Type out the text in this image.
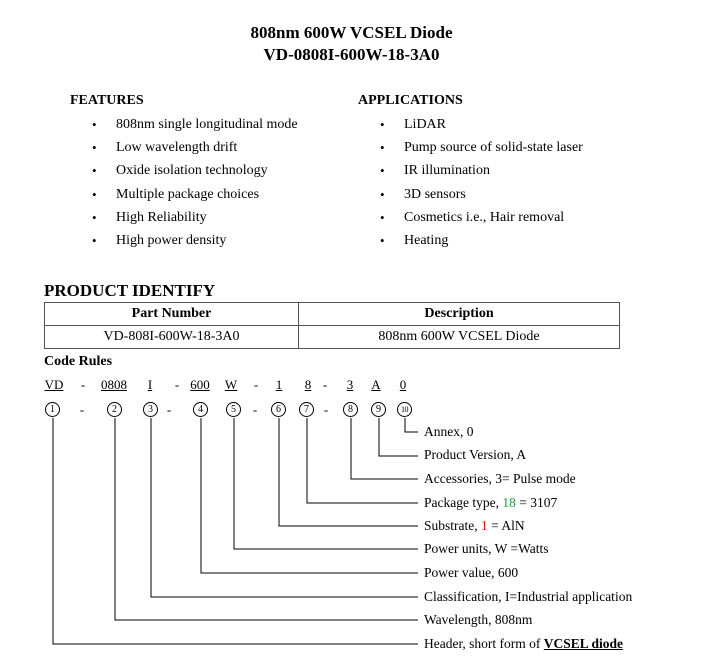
808nm 600W VCSEL Diode
VD-0808I-600W-18-3A0
FEATURES
• 808nm single longitudinal mode
• Low wavelength drift
• Oxide isolation technology
• Multiple package choices
• High Reliability
• High power density
APPLICATIONS
• LiDAR
• Pump source of solid-state laser
• IR illumination
• 3D sensors
• Cosmetics i.e., Hair removal
• Heating
PRODUCT IDENTIFY
Part Number	Description
VD-808I-600W-18-3A0	808nm 600W VCSEL Diode
Code Rules
VD - 0808 I - 600 W - 1 8 - 3 A 0
1	2	3	4	5	6	7	8	9	10
-	-	-	-
Annex, 0
Product Version, A
Accessories, 3= Pulse mode
Package type, 18 = 3107
Substrate, 1 = AlN
Power units, W =Watts
Power value, 600
Classification, I=Industrial application
Wavelength, 808nm
Header, short form of VCSEL diode
